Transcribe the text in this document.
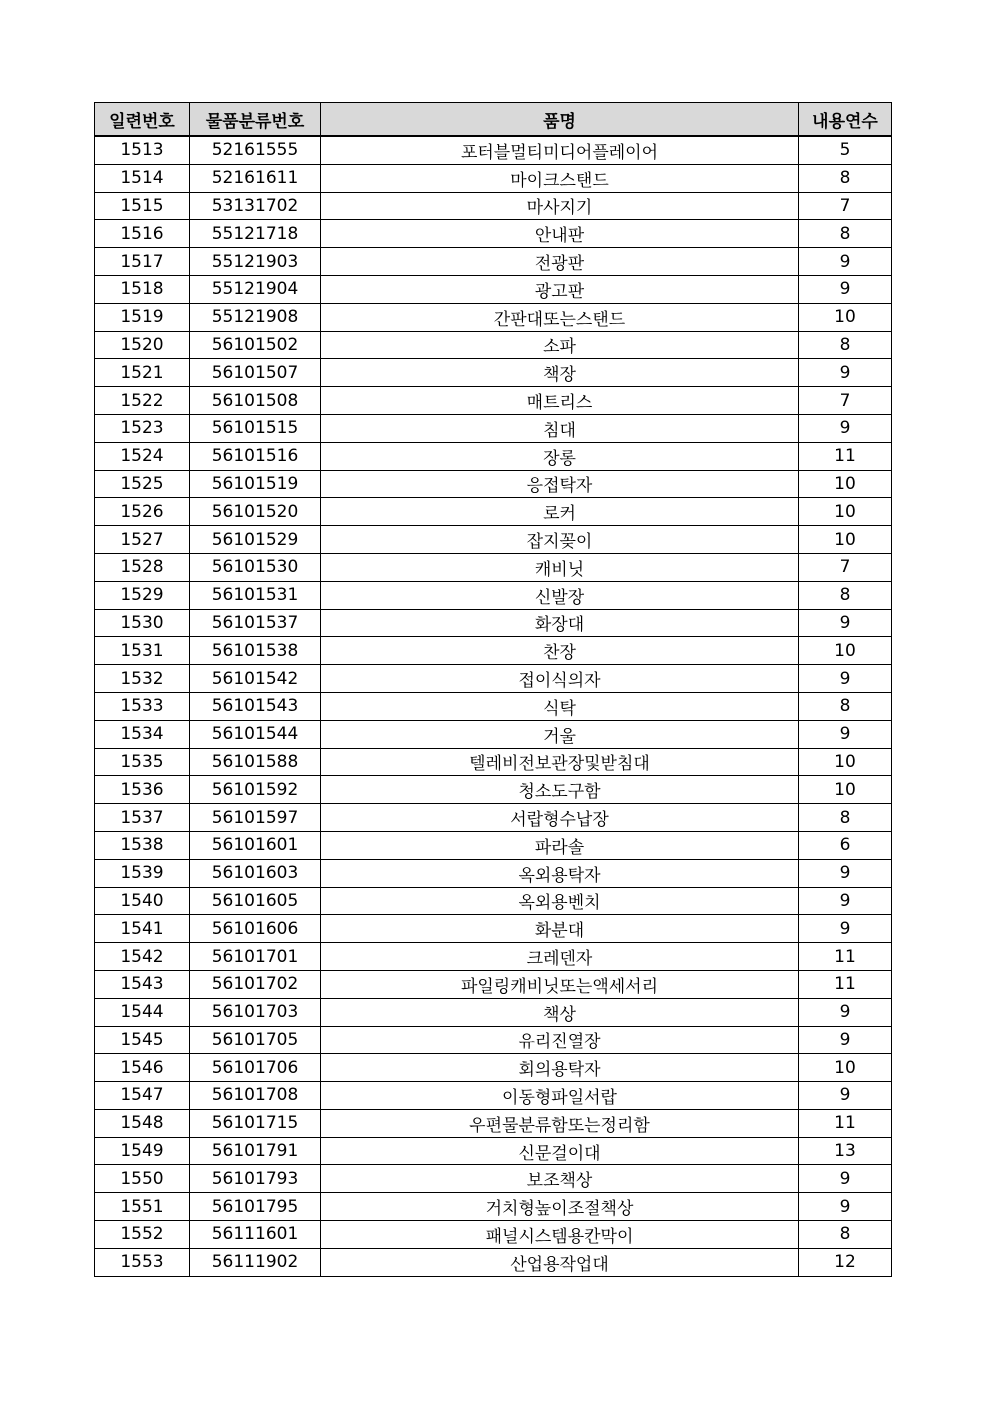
일련번호	물품분류번호	품명	내용연수
1513	52161555	포터블멀티미디어플레이어	5
1514	52161611	마이크스탠드	8
1515	53131702	마사지기	7
1516	55121718	안내판	8
1517	55121903	전광판	9
1518	55121904	광고판	9
1519	55121908	간판대또는스탠드	10
1520	56101502	소파	8
1521	56101507	책장	9
1522	56101508	매트리스	7
1523	56101515	침대	9
1524	56101516	장롱	11
1525	56101519	응접탁자	10
1526	56101520	로커	10
1527	56101529	잡지꽂이	10
1528	56101530	캐비닛	7
1529	56101531	신발장	8
1530	56101537	화장대	9
1531	56101538	찬장	10
1532	56101542	접이식의자	9
1533	56101543	식탁	8
1534	56101544	거울	9
1535	56101588	텔레비전보관장및받침대	10
1536	56101592	청소도구함	10
1537	56101597	서랍형수납장	8
1538	56101601	파라솔	6
1539	56101603	옥외용탁자	9
1540	56101605	옥외용벤치	9
1541	56101606	화분대	9
1542	56101701	크레덴자	11
1543	56101702	파일링캐비닛또는액세서리	11
1544	56101703	책상	9
1545	56101705	유리진열장	9
1546	56101706	회의용탁자	10
1547	56101708	이동형파일서랍	9
1548	56101715	우편물분류함또는정리함	11
1549	56101791	신문걸이대	13
1550	56101793	보조책상	9
1551	56101795	거치형높이조절책상	9
1552	56111601	패널시스템용칸막이	8
1553	56111902	산업용작업대	12
